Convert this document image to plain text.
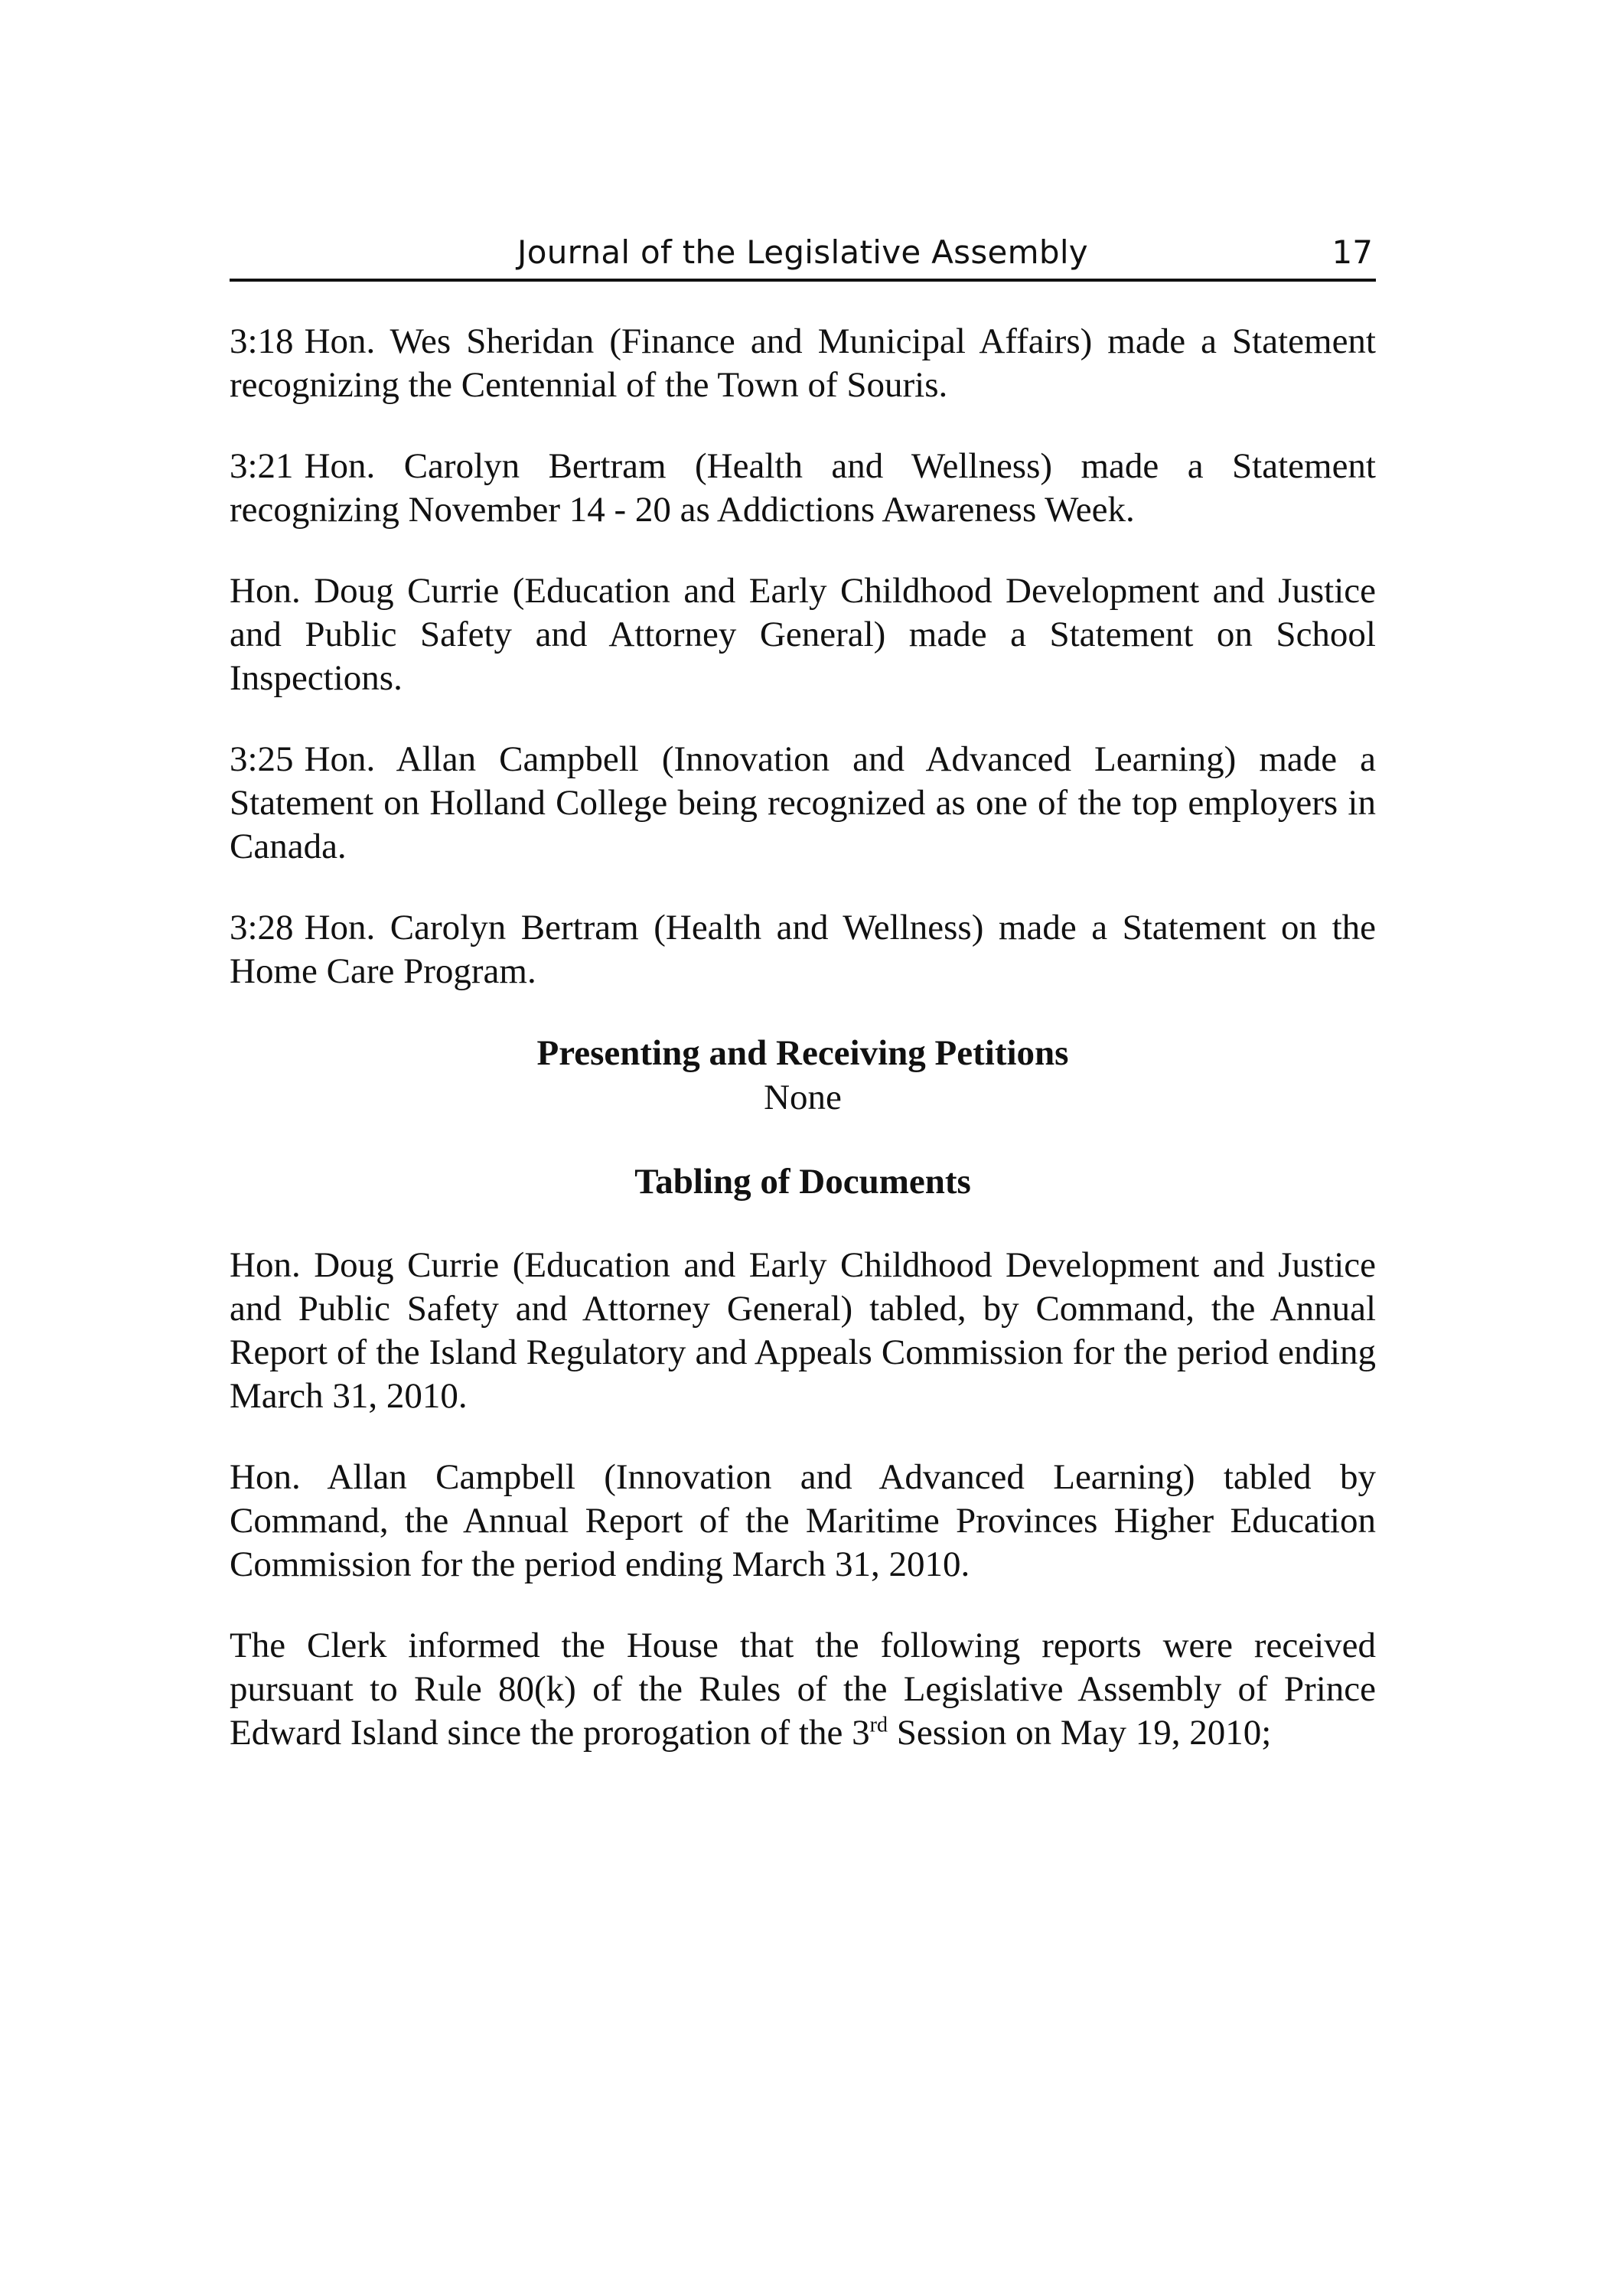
Journal of the Legislative Assembly	17

3:18 Hon. Wes Sheridan (Finance and Municipal Affairs) made a Statement recognizing the Centennial of the Town of Souris.

3:21 Hon. Carolyn Bertram (Health and Wellness) made a Statement recognizing November 14 - 20 as Addictions Awareness Week.

Hon. Doug Currie (Education and Early Childhood Development and Justice and Public Safety and Attorney General) made a Statement on School Inspections.

3:25 Hon. Allan Campbell (Innovation and Advanced Learning) made a Statement on Holland College being recognized as one of the top employers in Canada.

3:28 Hon. Carolyn Bertram (Health and Wellness) made a Statement on the Home Care Program.

Presenting and Receiving Petitions
None
Tabling of Documents

Hon. Doug Currie (Education and Early Childhood Development and Justice and Public Safety and Attorney General) tabled, by Command, the Annual Report of the Island Regulatory and Appeals Commission for the period ending March 31, 2010.

Hon. Allan Campbell (Innovation and Advanced Learning) tabled by Command, the Annual Report of the Maritime Provinces Higher Education Commission for the period ending March 31, 2010.

The Clerk informed the House that the following reports were received pursuant to Rule 80(k) of the Rules of the Legislative Assembly of Prince Edward Island since the prorogation of the 3rd Session on May 19, 2010;
